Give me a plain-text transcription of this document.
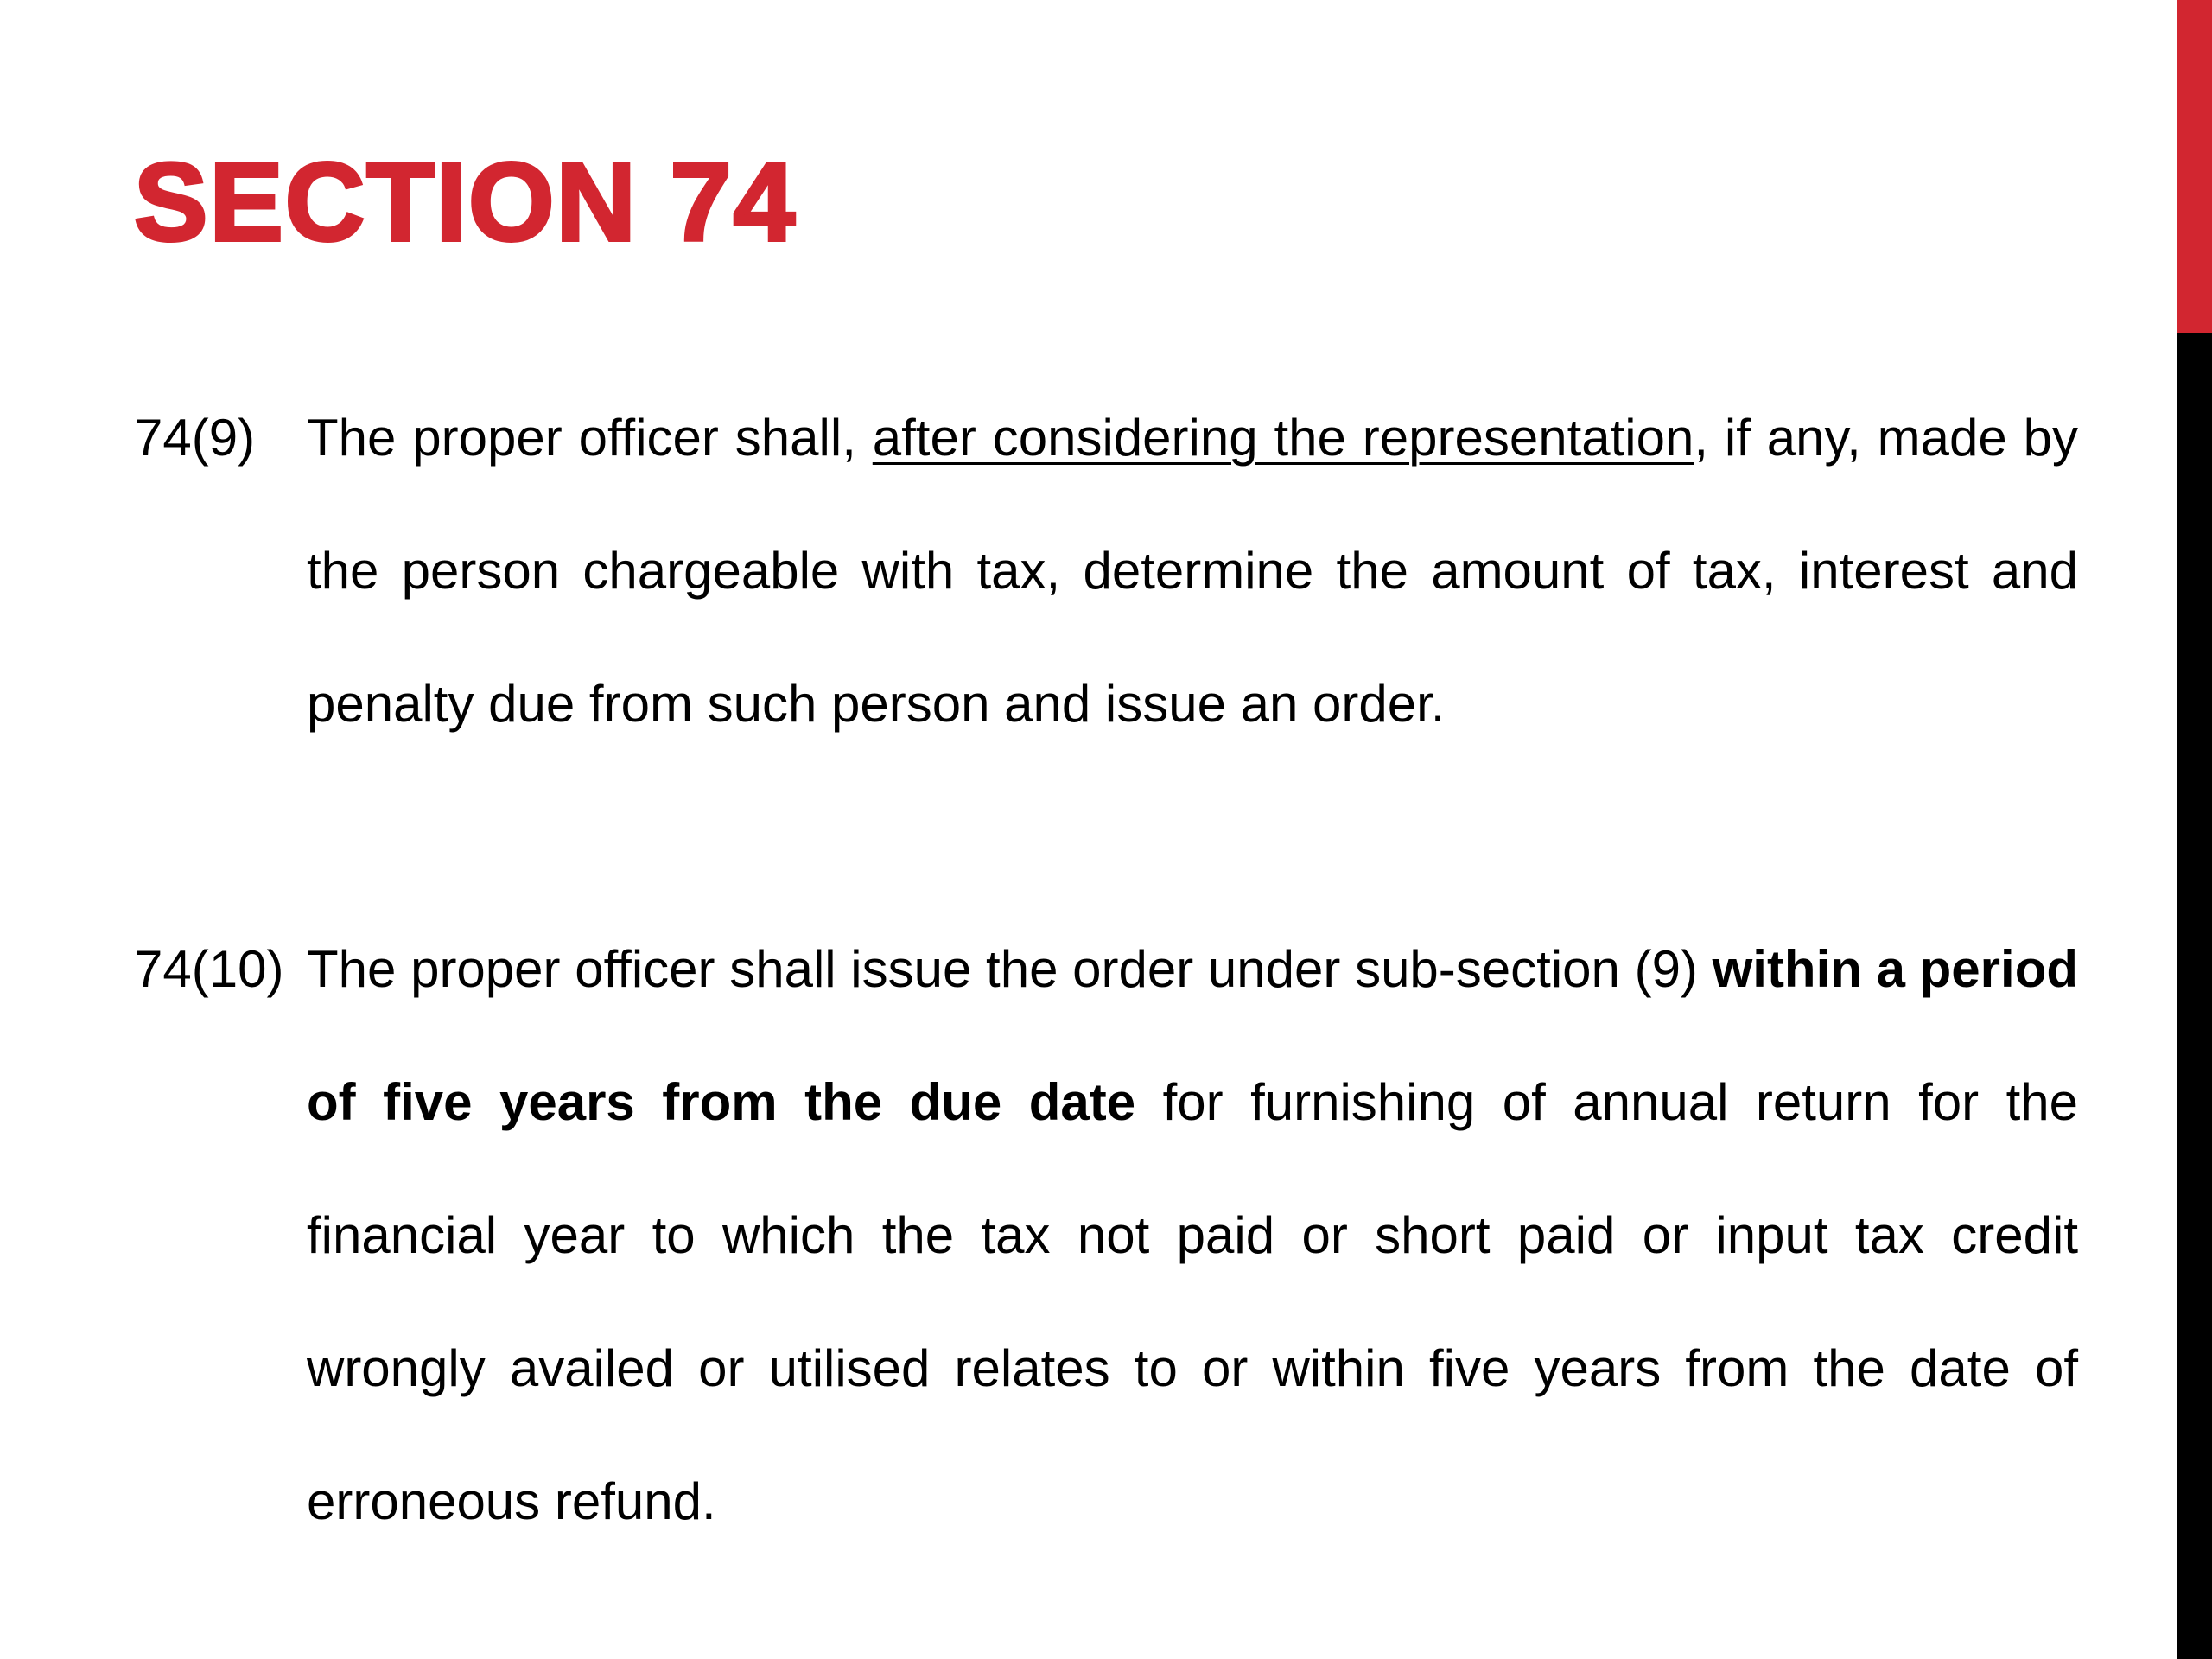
SECTION 74
74(9) The proper officer shall, after considering the representation, if any, made by the person chargeable with tax, determine the amount of tax, interest and penalty due from such person and issue an order.
74(10) The proper officer shall issue the order under sub-section (9) within a period of five years from the due date for furnishing of annual return for the financial year to which the tax not paid or short paid or input tax credit wrongly availed or utilised relates to or within five years from the date of erroneous refund.
